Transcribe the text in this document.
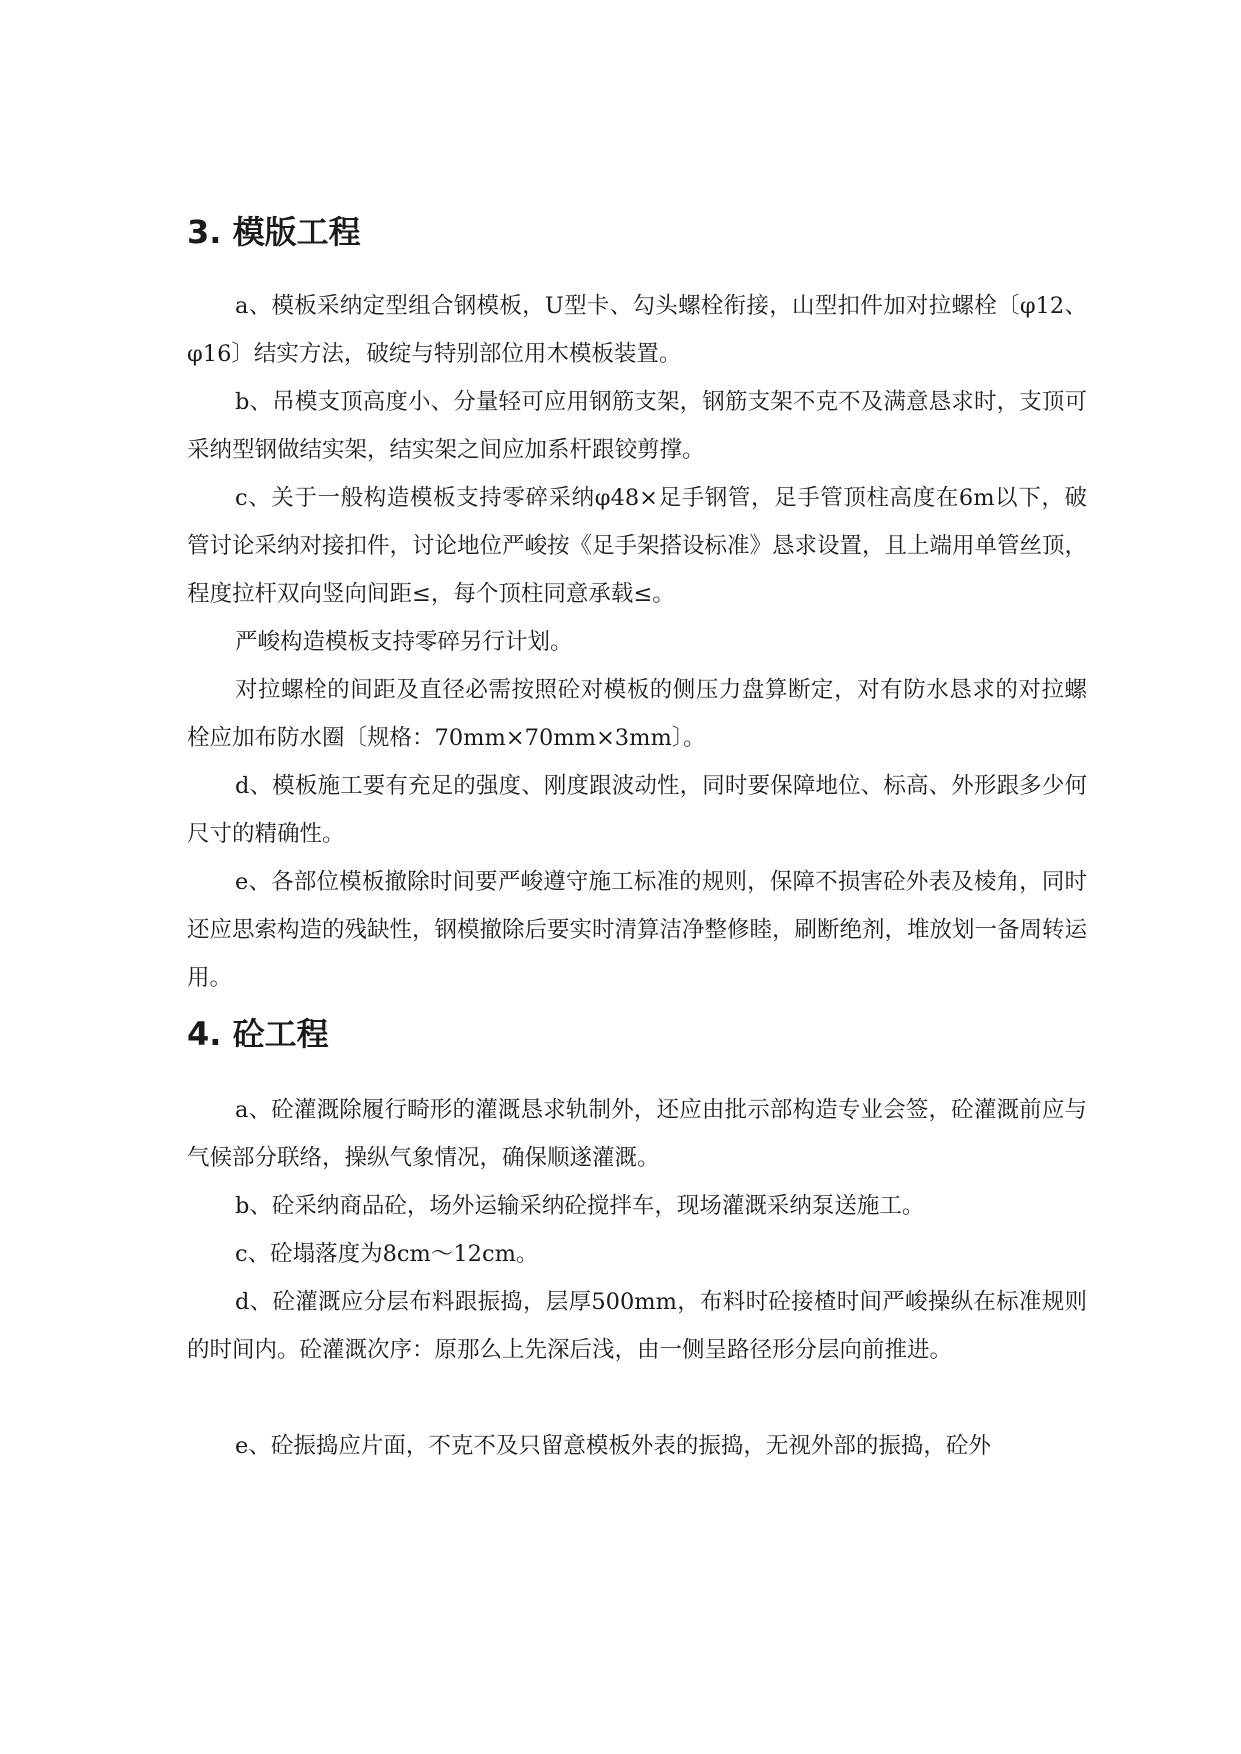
3. 模版工程

a、模板采纳定型组合钢模板，U型卡、勾头螺栓衔接，山型扣件加对拉螺栓〔φ12、φ16〕结实方法，破绽与特别部位用木模板装置。

b、吊模支顶高度小、分量轻可应用钢筋支架，钢筋支架不克不及满意恳求时，支顶可采纳型钢做结实架，结实架之间应加系杆跟铰剪撑。

c、关于一般构造模板支持零碎采纳φ48×足手钢管，足手管顶柱高度在6m以下，破管讨论采纳对接扣件，讨论地位严峻按《足手架搭设标准》恳求设置，且上端用单管丝顶，程度拉杆双向竖向间距≤，每个顶柱同意承载≤。

严峻构造模板支持零碎另行计划。

对拉螺栓的间距及直径必需按照砼对模板的侧压力盘算断定，对有防水恳求的对拉螺栓应加布防水圈〔规格：70mm×70mm×3mm〕。

d、模板施工要有充足的强度、刚度跟波动性，同时要保障地位、标高、外形跟多少何尺寸的精确性。

e、各部位模板撤除时间要严峻遵守施工标准的规则，保障不损害砼外表及棱角，同时还应思索构造的残缺性，钢模撤除后要实时清算洁净整修睦，刷断绝剂，堆放划一备周转运用。

4. 砼工程

a、砼灌溉除履行畸形的灌溉恳求轨制外，还应由批示部构造专业会签，砼灌溉前应与气候部分联络，操纵气象情况，确保顺遂灌溉。

b、砼采纳商品砼，场外运输采纳砼搅拌车，现场灌溉采纳泵送施工。

c、砼塌落度为8cm～12cm。

d、砼灌溉应分层布料跟振捣，层厚500mm，布料时砼接楂时间严峻操纵在标准规则的时间内。砼灌溉次序：原那么上先深后浅，由一侧呈路径形分层向前推进。

e、砼振捣应片面，不克不及只留意模板外表的振捣，无视外部的振捣，砼外
